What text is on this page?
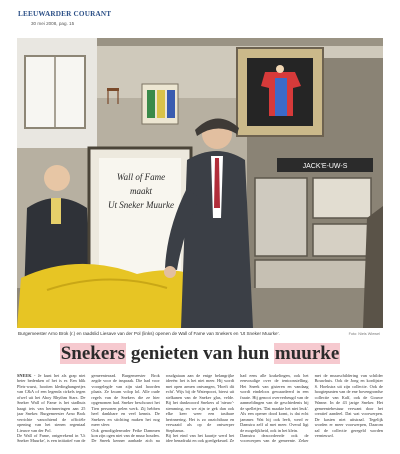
LEEUWARDER COURANT
30 mei 2008, pag. 15
JACK'E-UW-S
Wall of Fame
maakt
Ut Sneker Muurke
Burgemeester Arno Brok (r.) en raadslid Liesave van der Pol (links) openen de Wall of Fame van Snekers en 'Ut Sneker Muurke'.	Foto: Niels Wiewel
Snekers genieten van hun muurke

SNEEK - Je kunt het als grap niet beter bedenken of het is er. Een blik Pleis-wurst, hooiten kledinghangertjes van C&A of een legenda cirkels tegen ofwel uit het Ahoy Rhythm Stars. De Sneker Wall of Fame is het stadhuis haagt iets van herinneringen aan 25 jaar Sneker. Burgemeester Arno Brok verrichte vanochtend de officiële opening van het stenen regentaal Lieuwe van der Pol.

De Wall of Fame, ontgerekend in 'Ut Sneker Muurke', is een initiatief van de gemeenteraad. Burgemeester Brok zegde voor de inspraak. Die had voor voorgelegde van zijn stad hoorden plaats. Ze kwam volop lol. Alle oude regels van de Snekers die ze hier opgenomen had. Sneker beschouwt het Tien personen pelen werk. Zij hebben heel dankbare en veel kennis. De Snekers en stichting maken het nog meer sfeer.

Ook genodigdenvader Feike Dammen kon zijn ogen niet van de muur houden. De Sneek kenner aanbade zich na roudgaiaan aan de enige belangrijke ideeën: het is het niet meer. Hij wordt met open armen ontvangen, 'Hoeft dit echt'. Wijs bij de Waterpoort, bierst uit stelkanen van de Sneker glas, velde. Bij het dankwoord Snekers al 'nieuw'-stemming, en we zijn te gek dan ook elke keer weer een tastbare herinnering. Het is zo onzichtbaar en verwaaid als op de ontwerper Stephanus.

Bij het eind van het kaartje werd het idee benadrukt en ook goedgekeurd. Ze had eens alle krakelingen, ook het eenvoudige over de tentoonstelling. Het Sneek van gisteren en vandaag wordt eindeloos gewaardeerd in een fraaie. Hij genoot oververheugd van de aanmeldingen van de geschiedenis bij de spelletjes. 'Dat maakte het niet leuk'. Als een opener dood komt, is dat echt jammer. Wat hij ook leeft, werd er Damstra zelf al met meer. Overal ligt de mogelijkheid, ook in het klein.

Damstra deacordeerde ook de voorwerpen van de gemeente. Zeker met de muurschildering van schilder Bouwhuis. Ook de Jong en kordijster S. Hoekstra uit zijn collectie. Ook de hoogtepunten van de ene bovengrondse collectie van Kalf, ook de Gouwe Wanne. In de 43 jarige Sneker. Het gemeentebestuur verwant door het creatief aandeel. Dat wat voorwerpen. De kasten niet uitstraal. Tegelijk worden er meer voorwerpen, Daarom zal de collectie geregeld worden vernieuwd.
